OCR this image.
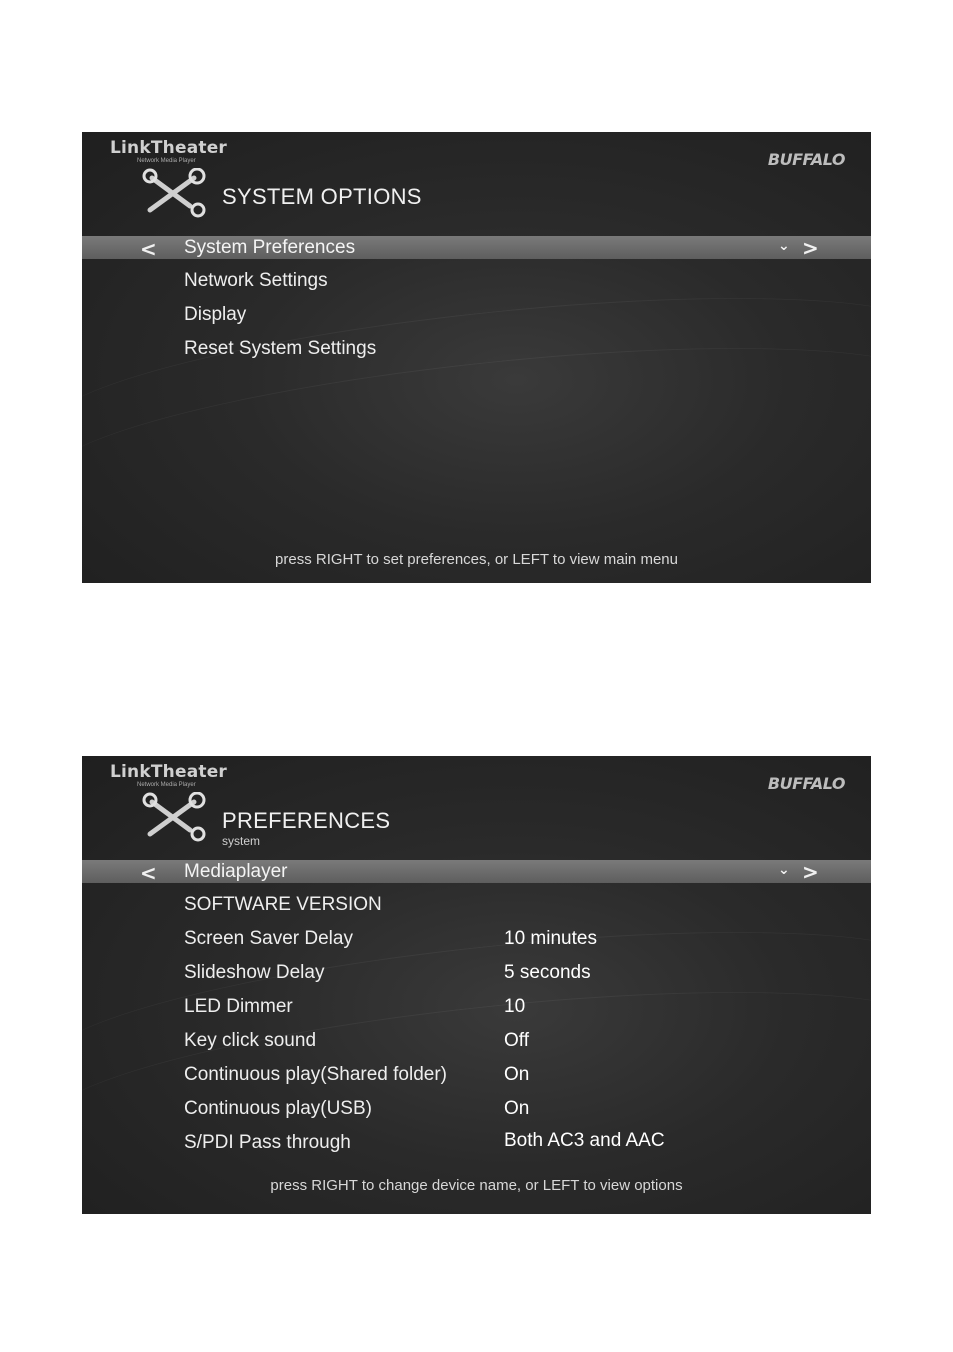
LinkTheater
Network Media Player	BUFFALO
SYSTEM OPTIONS
< System Preferences	⌄ >
Network Settings
Display
Reset System Settings
press RIGHT to set preferences, or LEFT to view main menu
LinkTheater
Network Media Player	BUFFALO
PREFERENCES
system
< Mediaplayer	⌄ >
SOFTWARE VERSION
Screen Saver Delay	10 minutes
Slideshow Delay	5 seconds
LED Dimmer	10
Key click sound	Off
Continuous play(Shared folder)	On
Continuous play(USB)	On
S/PDI Pass through	Both AC3 and AAC
press RIGHT to change device name, or LEFT to view options
